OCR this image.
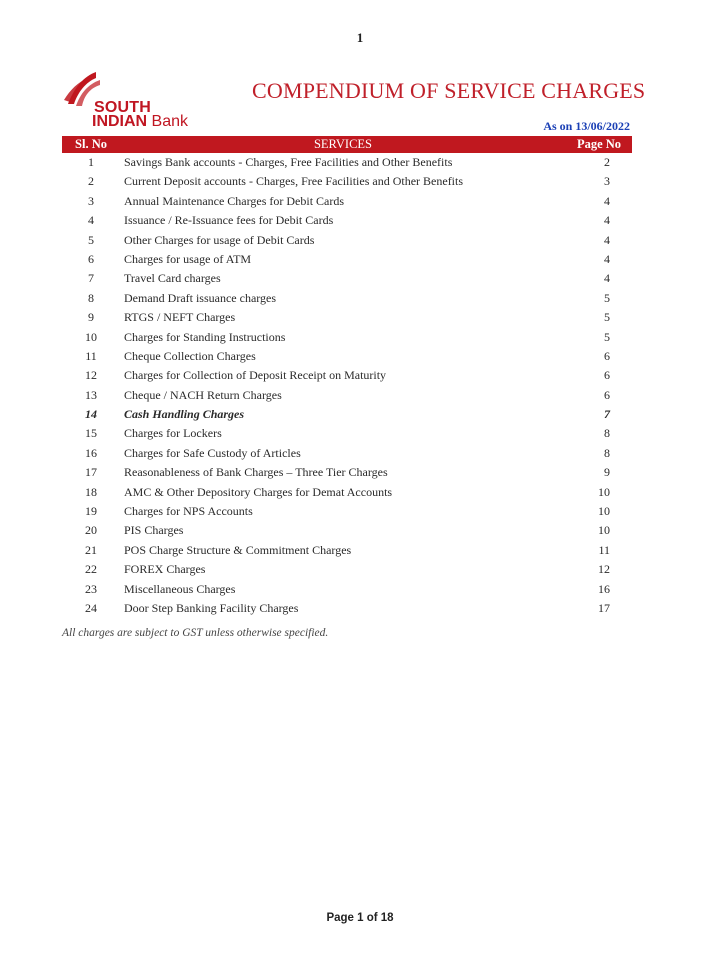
1
SOUTH
INDIAN Bank
COMPENDIUM OF SERVICE CHARGES
As on 13/06/2022
Sl. No	SERVICES	Page No
1	Savings Bank accounts - Charges, Free Facilities and Other Benefits	2
2	Current Deposit accounts - Charges, Free Facilities and Other Benefits	3
3	Annual Maintenance Charges for Debit Cards	4
4	Issuance / Re-Issuance fees for Debit Cards	4
5	Other Charges for usage of Debit Cards	4
6	Charges for usage of ATM	4
7	Travel Card charges	4
8	Demand Draft issuance charges	5
9	RTGS / NEFT Charges	5
10	Charges for Standing Instructions	5
11	Cheque Collection Charges	6
12	Charges for Collection of Deposit Receipt on Maturity	6
13	Cheque / NACH Return Charges	6
14	Cash Handling Charges	7
15	Charges for Lockers	8
16	Charges for Safe Custody of Articles	8
17	Reasonableness of Bank Charges – Three Tier Charges	9
18	AMC & Other Depository Charges for Demat Accounts	10
19	Charges for NPS Accounts	10
20	PIS Charges	10
21	POS Charge Structure & Commitment Charges	11
22	FOREX Charges	12
23	Miscellaneous Charges	16
24	Door Step Banking Facility Charges	17
All charges are subject to GST unless otherwise specified.
Page 1 of 18
